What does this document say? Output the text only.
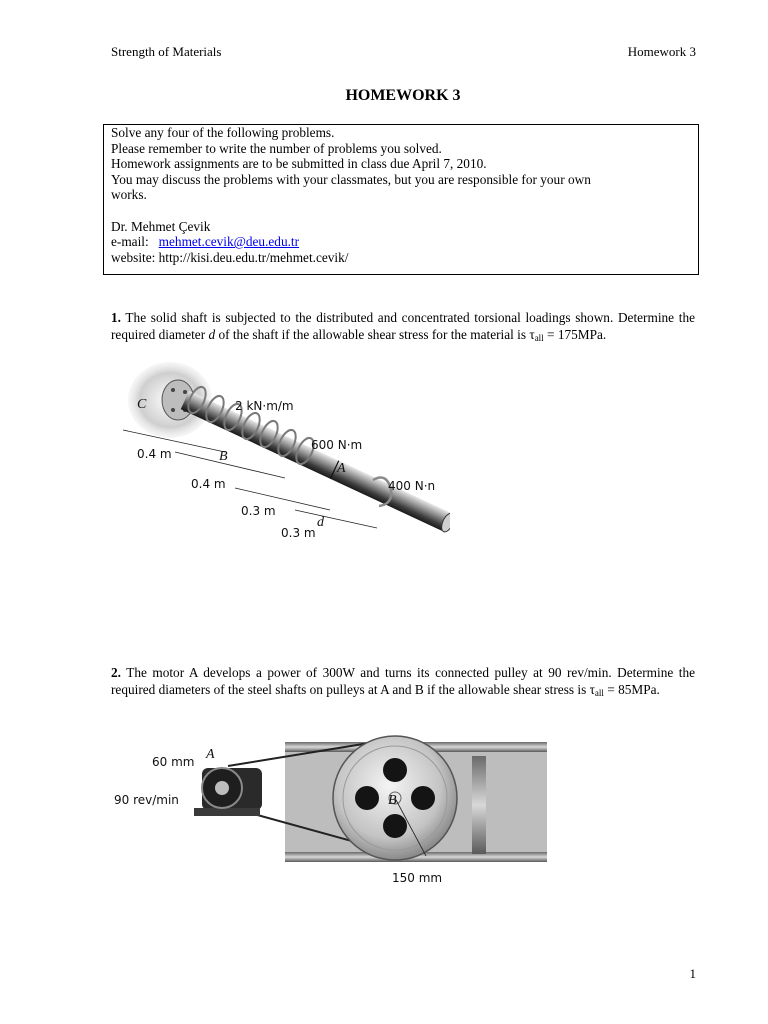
Strength of Materials	Homework 3
HOMEWORK 3
Solve any four of the following problems.
Please remember to write the number of problems you solved.
Homework assignments are to be submitted in class due April 7, 2010.
You may discuss the problems with your classmates, but you are responsible for your own
works.
Dr. Mehmet Çevik
e-mail: mehmet.cevik@deu.edu.tr
website: http://kisi.deu.edu.tr/mehmet.cevik/
1. The solid shaft is subjected to the distributed and concentrated torsional loadings shown. Determine the required diameter d of the shaft if the allowable shear stress for the material is $\tau_{all} = 175MPa$.
C
B
A
d
2 kN·m/m
600 N·m
400 N·n
0.4 m
0.4 m
0.3 m
0.3 m
2. The motor A develops a power of 300W and turns its connected pulley at 90 rev/min. Determine the required diameters of the steel shafts on pulleys at A and B if the allowable shear stress is $\tau_{all} = 85MPa$.
60 mm A
90 rev/min	B
150 mm
1
